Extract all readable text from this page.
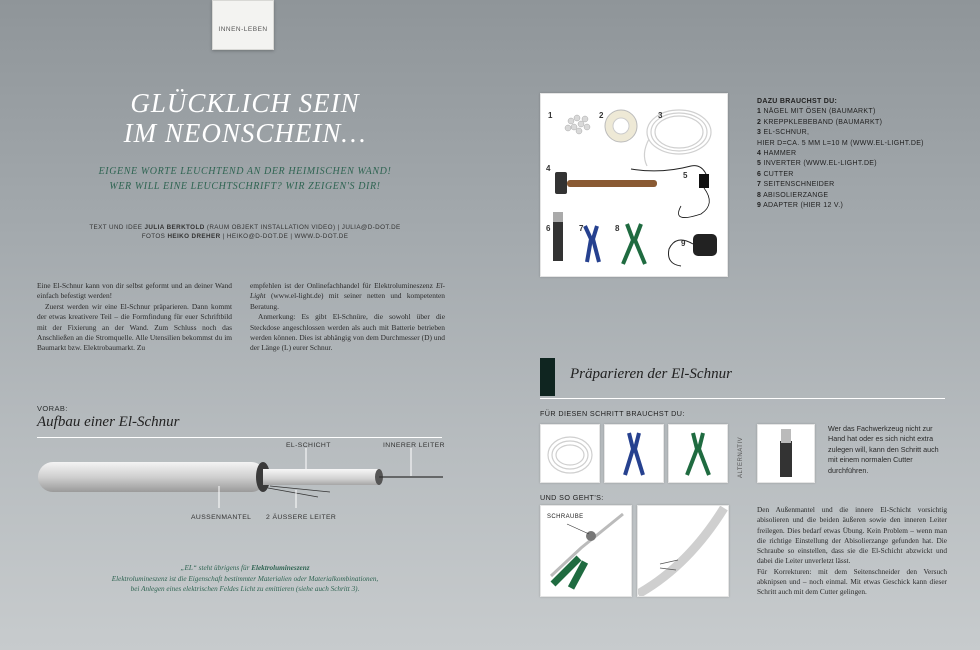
INNEN-LEBEN
GLÜCKLICH SEIN
IM NEONSCHEIN…
EIGENE WORTE LEUCHTEND AN DER HEIMISCHEN WAND!
WER WILL EINE LEUCHTSCHRIFT? WIR ZEIGEN'S DIR!
TEXT UND IDEE JULIA BERKTOLD (RAUM OBJEKT INSTALLATION VIDEO) | JULIA@D-DOT.DE
FOTOS HEIKO DREHER | HEIKO@D-DOT.DE | WWW.D-DOT.DE

Eine El-Schnur kann von dir selbst geformt und an deiner Wand einfach befestigt werden!

Zuerst werden wir eine El-Schnur präparieren. Dann kommt der etwas kreativere Teil – die Formfindung für euer Schriftbild mit der Fixierung an der Wand. Zum Schluss noch das Anschließen an die Stromquelle. Alle Utensilien bekommst du im Baumarkt bzw. Elektrobaumarkt. Zu

empfehlen ist der Onlinefachhandel für Elektrolumineszenz El-Light (www.el-light.de) mit seiner netten und kompetenten Beratung.

Anmerkung: Es gibt El-Schnüre, die sowohl über die Steckdose angeschlossen werden als auch mit Batterie betrieben werden können. Dies ist abhängig von dem Durchmesser (D) und der Länge (L) eurer Schnur.

VORAB:
Aufbau einer El-Schnur
EL-SCHICHT	INNERER LEITER
AUSSENMANTEL 2 ÄUSSERE LEITER
„EL“ steht übrigens für Elektrolumineszenz
Elektrolumineszenz ist die Eigenschaft bestimmter Materialien oder Materialkombinationen,
bei Anlegen eines elektrischen Feldes Licht zu emittieren (siehe auch Schritt 3).
1	2	3
4
5
6	7	8
9
DAZU BRAUCHST DU:
1 NÄGEL MIT ÖSEN (BAUMARKT)
2 KREPPKLEBEBAND (BAUMARKT)
3 EL-SCHNUR,
HIER D=CA. 5 MM L=10 M (WWW.EL-LIGHT.DE)
4 HAMMER
5 INVERTER (WWW.EL-LIGHT.DE)
6 CUTTER
7 SEITENSCHNEIDER
8 ABISOLIERZANGE
9 ADAPTER (HIER 12 V.)
Präparieren der El-Schnur
FÜR DIESEN SCHRITT BRAUCHST DU:
ALTERNATIV
Wer das Fachwerkzeug nicht zur Hand hat oder es sich nicht extra zulegen will, kann den Schritt auch mit einem normalen Cutter durchführen.
UND SO GEHT'S:
SCHRAUBE

Den Außenmantel und die innere El-Schicht vorsichtig abisolieren und die beiden äußeren sowie den inneren Leiter freilegen. Dies bedarf etwas Übung. Kein Problem – wenn man die richtige Einstellung der Abisolierzange gefunden hat. Die Schraube so einstellen, dass sie die El-Schicht abzwickt und dabei die Leiter unverletzt lässt.

Für Korrekturen: mit dem Seitenschneider den Versuch abknipsen und – noch einmal. Mit etwas Geschick kann dieser Schritt auch mit dem Cutter gelingen.
